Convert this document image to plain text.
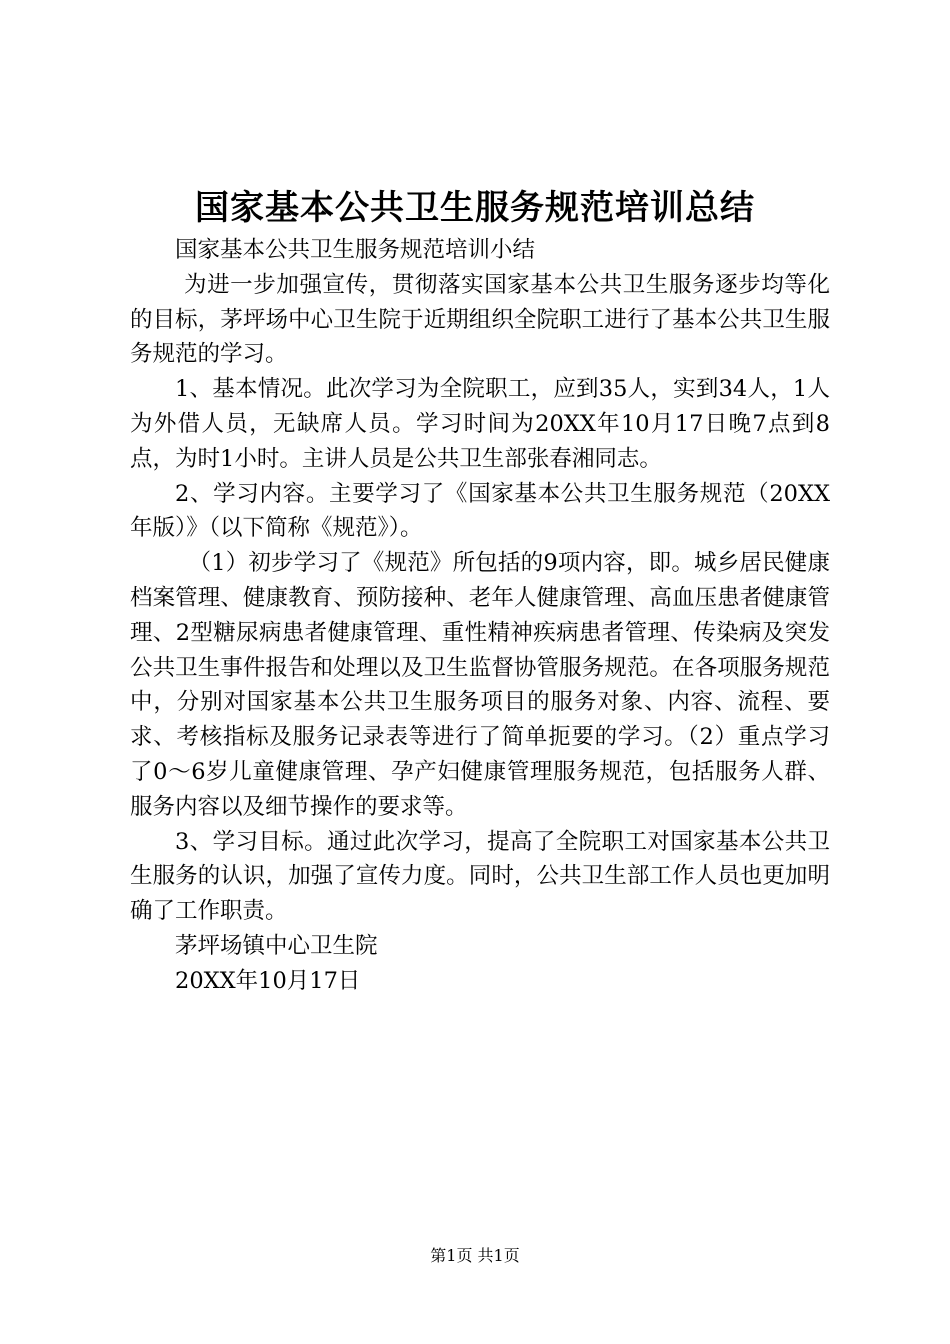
国家基本公共卫生服务规范培训总结

国家基本公共卫生服务规范培训小结

为进一步加强宣传，贯彻落实国家基本公共卫生服务逐步均等化的目标，茅坪场中心卫生院于近期组织全院职工进行了基本公共卫生服务规范的学习。

1、基本情况。此次学习为全院职工，应到35人，实到34人，1人为外借人员，无缺席人员。学习时间为20XX年10月17日晚7点到8点，为时1小时。主讲人员是公共卫生部张春湘同志。

2、学习内容。主要学习了《国家基本公共卫生服务规范（20XX年版）》（以下简称《规范》）。

（1）初步学习了《规范》所包括的9项内容，即。城乡居民健康档案管理、健康教育、预防接种、老年人健康管理、高血压患者健康管理、2型糖尿病患者健康管理、重性精神疾病患者管理、传染病及突发公共卫生事件报告和处理以及卫生监督协管服务规范。在各项服务规范中，分别对国家基本公共卫生服务项目的服务对象、内容、流程、要求、考核指标及服务记录表等进行了简单扼要的学习。（2）重点学习了0～6岁儿童健康管理、孕产妇健康管理服务规范，包括服务人群、服务内容以及细节操作的要求等。

3、学习目标。通过此次学习，提高了全院职工对国家基本公共卫生服务的认识，加强了宣传力度。同时，公共卫生部工作人员也更加明确了工作职责。

茅坪场镇中心卫生院

20XX年10月17日

第1页 共1页
